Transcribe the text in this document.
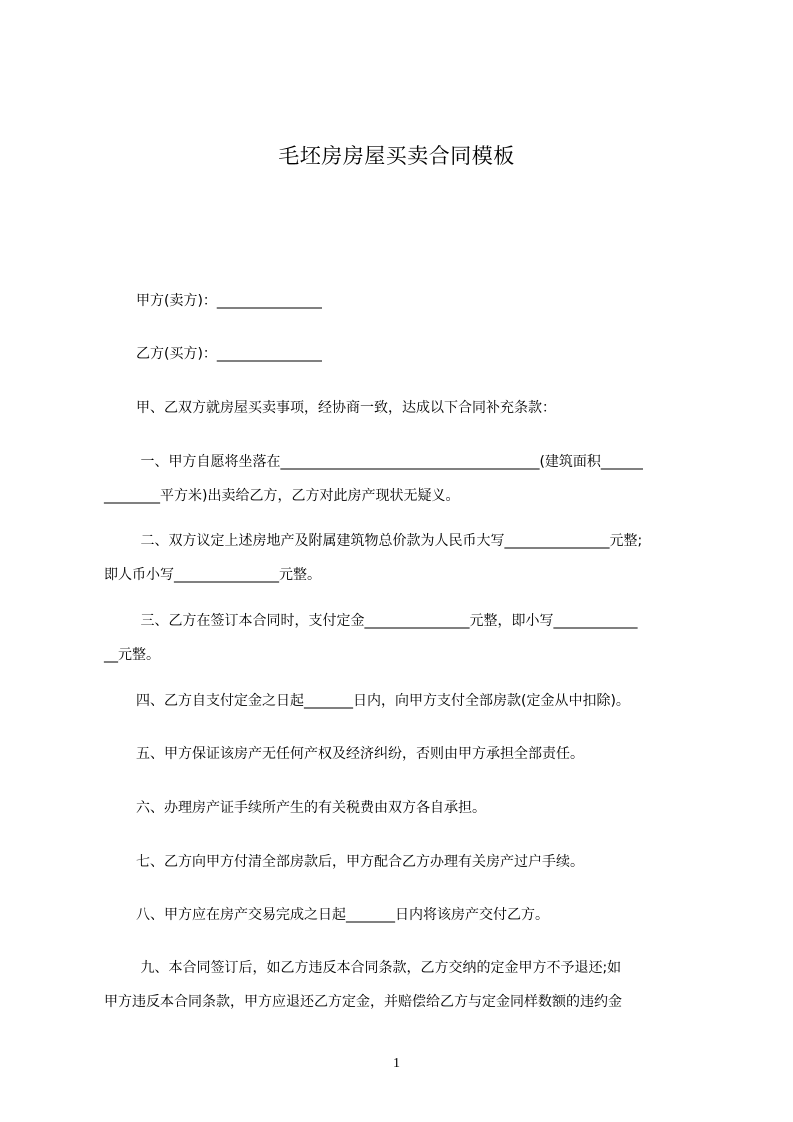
毛坯房房屋买卖合同模板
甲方(卖方)：_______________
乙方(买方)：_______________
甲、乙双方就房屋买卖事项，经协商一致，达成以下合同补充条款：
一、甲方自愿将坐落在_____________________________________(建筑面积______
________平方米)出卖给乙方，乙方对此房产现状无疑义。
二、双方议定上述房地产及附属建筑物总价款为人民币大写_______________元整;
即人币小写_______________元整。
三、乙方在签订本合同时，支付定金_______________元整，即小写____________
__元整。
四、乙方自支付定金之日起_______日内，向甲方支付全部房款(定金从中扣除)。
五、甲方保证该房产无任何产权及经济纠纷，否则由甲方承担全部责任。
六、办理房产证手续所产生的有关税费由双方各自承担。
七、乙方向甲方付清全部房款后，甲方配合乙方办理有关房产过户手续。
八、甲方应在房产交易完成之日起_______日内将该房产交付乙方。
九、本合同签订后，如乙方违反本合同条款，乙方交纳的定金甲方不予退还;如
甲方违反本合同条款，甲方应退还乙方定金，并赔偿给乙方与定金同样数额的违约金
1
